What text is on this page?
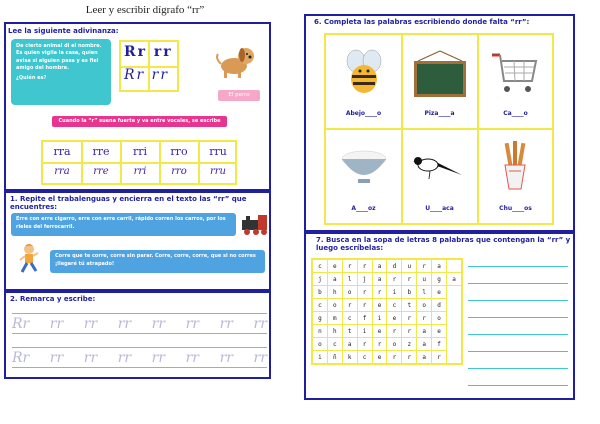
Leer y escribir dígrafo “rr”
Lee la siguiente adivinanza:
De cierto animal di el nombre. Es quien vigila la casa, quien avisa si alguien pasa y es fiel amigo del hombre.
¿Quién es?
Rr rr
Rr rr
El perro
Cuando la “r” suena fuerte y va entre vocales, se escribe “rr”
rra	rre	rri	rro	rru
rra	rre	rri	rro	rru
1. Repite el trabalenguas y encierra en el texto las “rr” que encuentres:
Erre con erre cigarro, erre con erre carril, rápido corren los carros, por los rieles del ferrocarril.
Corre que te corre, corre sin parar. Corre, corre, corre, que si no corres ¡llegaré tú atrapado!
2. Remarca y escribe:
Rr rr rr rr rr rr rr rr
Rr rr rr rr rr rr rr rr
6. Completa las palabras escribiendo donde falta “rr”:
Abejo____o	Piza____a	Ca____o
A____oz	U____aca	Chu____os
7. Busca en la sopa de letras 8 palabras que contengan la “rr” y luego escríbelas:
c	e	r	r	a	d	u	r	a	
j	a	l	j	a	r	r	u	g	a
b	h	o	r	r	i	b	l	e	
c	o	r	r	e	c	t	o	d	
g	m	c	f	i	e	r	r	o	
n	h	t	i	e	r	r	a	e	
o	c	a	r	r	o	z	a	f	
i	ñ	k	c	e	r	r	a	r	
